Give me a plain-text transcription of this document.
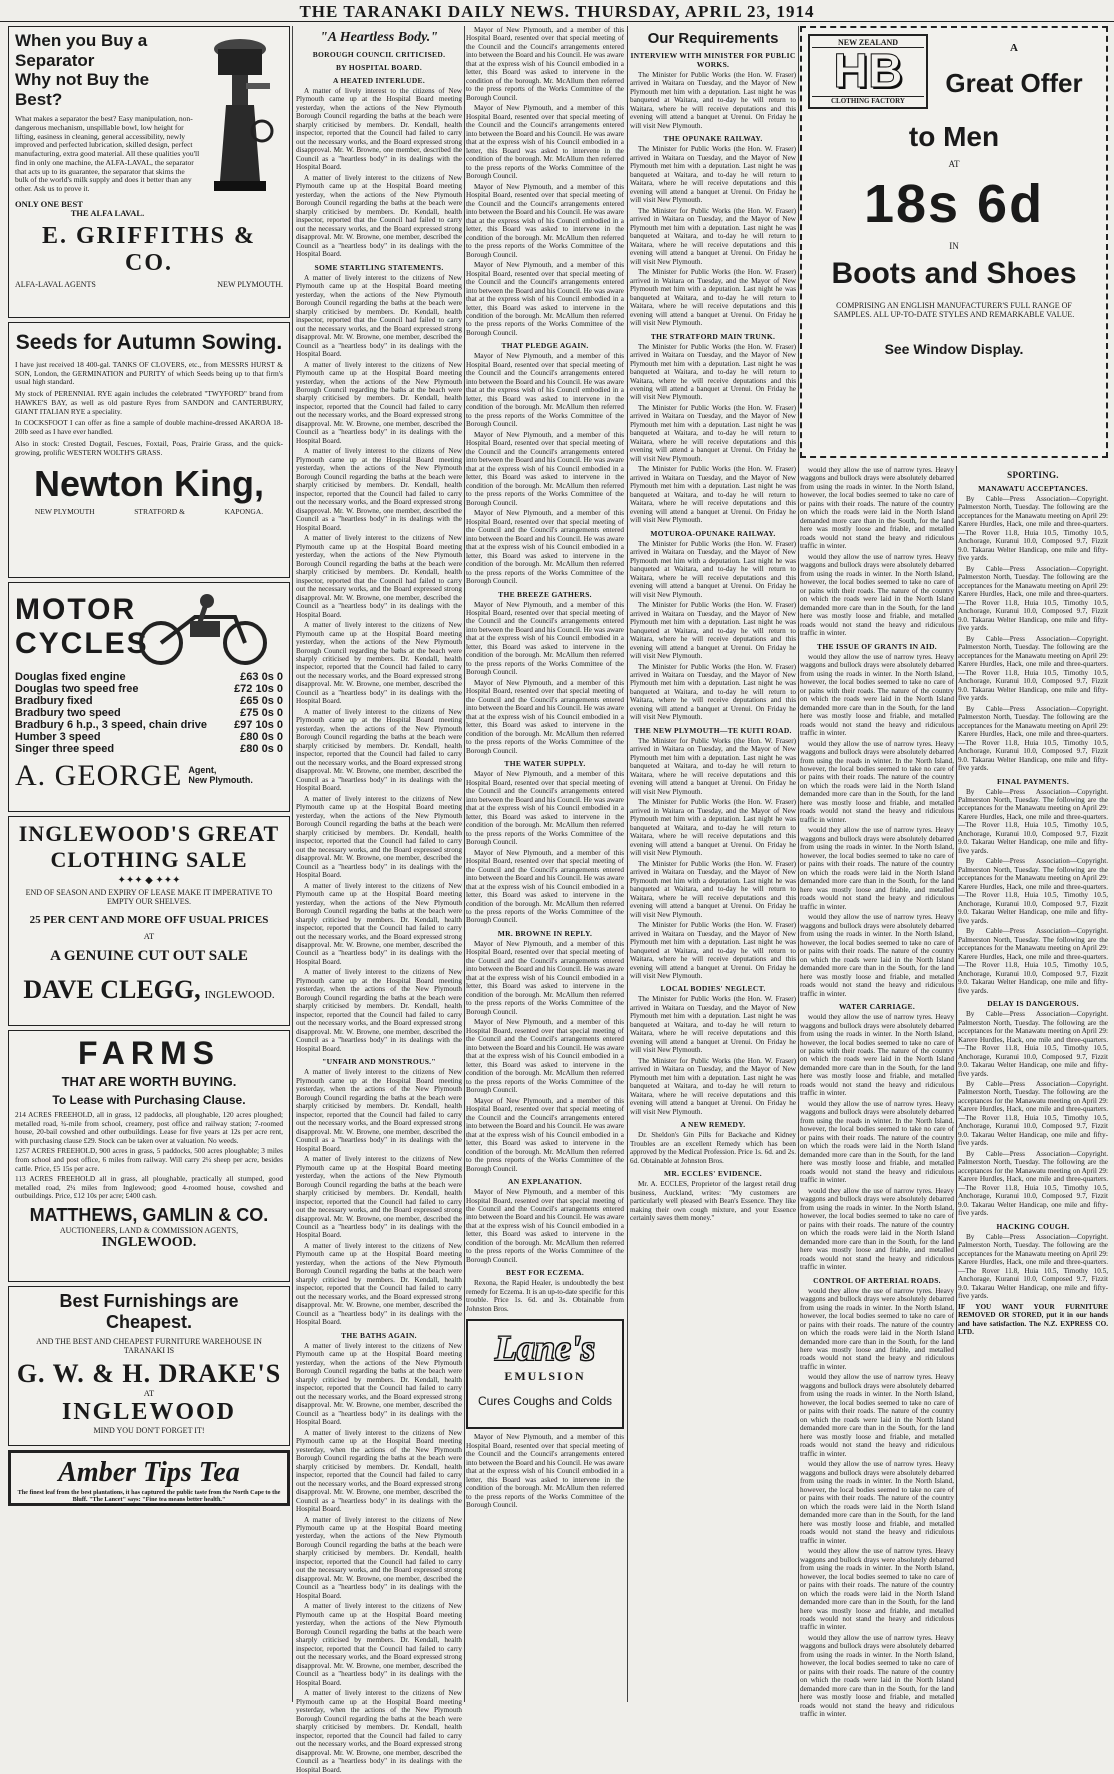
THE TARANAKI DAILY NEWS. THURSDAY, APRIL 23, 1914
When you Buy a Separator
Why not Buy the Best?
What makes a separator the best? Easy manipulation, non-dangerous mechanism, unspillable bowl, low height for lifting, easiness in cleaning, general accessibility, newly improved and perfected lubrication, skilled design, perfect manufacturing, extra good material. All these qualities you'll find in only one machine, the ALFA-LAVAL, the separator that acts up to its guarantee, the separator that skims the bulk of the world's milk supply and does it better than any other. Ask us to prove it.
ONLY ONE BEST
THE ALFA LAVAL.
E. GRIFFITHS & CO.
ALFA-LAVAL AGENTS	NEW PLYMOUTH.
Seeds for Autumn Sowing.
I have just received 18 400-gal. TANKS OF CLOVERS, etc., from MESSRS HURST & SON, London, the GERMINATION and PURITY of which Seeds being up to that firm's usual high standard.
My stock of PERENNIAL RYE again includes the celebrated "TWYFORD" brand from HAWKE'S BAY, as well as old pasture Ryes from SANDON and CANTERBURY, GIANT ITALIAN RYE a speciality.
In COCKSFOOT I can offer as fine a sample of double machine-dressed AKAROA 18-20lb seed as I have ever handled.
Also in stock: Crested Dogtail, Fescues, Foxtail, Poas, Prairie Grass, and the quick-growing, prolific WESTERN WOLTH'S GRASS.
Newton King,
NEW PLYMOUTH	STRATFORD &	KAPONGA.
MOTOR
CYCLES
Douglas fixed engine	£63 0s 0
Douglas two speed free	£72 10s 0
Bradbury fixed	£65 0s 0
Bradbury two speed	£75 0s 0
Bradbury 6 h.p., 3 speed, chain drive £97 10s 0
Humber 3 speed	£80 0s 0
Singer three speed	£80 0s 0
A. GEORGE Agent,
New Plymouth.
INGLEWOOD'S GREAT
CLOTHING SALE
✦✦✦ ◆ ✦✦✦
END OF SEASON AND EXPIRY OF LEASE MAKE IT IMPERATIVE TO EMPTY OUR SHELVES.
25 PER CENT AND MORE OFF USUAL PRICES
AT
A GENUINE CUT OUT SALE
DAVE CLEGG, INGLEWOOD.
FARMS
THAT ARE WORTH BUYING.
To Lease with Purchasing Clause.
214 ACRES FREEHOLD, all in grass, 12 paddocks, all ploughable, 120 acres ploughed; metalled road, ¾-mile from school, creamery, post office and railway station; 7-roomed house, 20-bail cowshed and other outbuildings. Lease for five years at 12s per acre rent, with purchasing clause £29. Stock can be taken over at valuation. No weeds.
1257 ACRES FREEHOLD, 900 acres in grass, 5 paddocks, 500 acres ploughable; 3 miles from school and post office, 6 miles from railway. Will carry 2¼ sheep per acre, besides cattle. Price, £5 15s per acre.
113 ACRES FREEHOLD all in grass, all ploughable, practically all stumped, good metalled road, 2¼ miles from Inglewood; good 4-roomed house, cowshed and outbuildings. Price, £12 10s per acre; £400 cash.
MATTHEWS, GAMLIN & CO.
AUCTIONEERS, LAND & COMMISSION AGENTS,
INGLEWOOD.
Best Furnishings are Cheapest.
AND THE BEST AND CHEAPEST FURNITURE WAREHOUSE IN TARANAKI IS
G. W. & H. DRAKE'S
AT
INGLEWOOD
MIND YOU DON'T FORGET IT!
Amber Tips Tea
The finest leaf from the best plantations, it has captured the public taste from the North Cape to the Bluff. "The Lancet" says: "Fine tea means better health."
"A Heartless Body."
BOROUGH COUNCIL CRITICISED.
BY HOSPITAL BOARD.
A HEATED INTERLUDE.
A matter of lively interest to the citizens of New Plymouth came up at the Hospital Board meeting yesterday, when the actions of the New Plymouth Borough Council regarding the baths at the beach were sharply criticised by members. Dr. Kendall, health inspector, reported that the Council had failed to carry out the necessary works, and the Board expressed strong disapproval. Mr. W. Browne, one member, described the Council as a "heartless body" in its dealings with the Hospital Board.
A matter of lively interest to the citizens of New Plymouth came up at the Hospital Board meeting yesterday, when the actions of the New Plymouth Borough Council regarding the baths at the beach were sharply criticised by members. Dr. Kendall, health inspector, reported that the Council had failed to carry out the necessary works, and the Board expressed strong disapproval. Mr. W. Browne, one member, described the Council as a "heartless body" in its dealings with the Hospital Board.
SOME STARTLING STATEMENTS.
A matter of lively interest to the citizens of New Plymouth came up at the Hospital Board meeting yesterday, when the actions of the New Plymouth Borough Council regarding the baths at the beach were sharply criticised by members. Dr. Kendall, health inspector, reported that the Council had failed to carry out the necessary works, and the Board expressed strong disapproval. Mr. W. Browne, one member, described the Council as a "heartless body" in its dealings with the Hospital Board.
A matter of lively interest to the citizens of New Plymouth came up at the Hospital Board meeting yesterday, when the actions of the New Plymouth Borough Council regarding the baths at the beach were sharply criticised by members. Dr. Kendall, health inspector, reported that the Council had failed to carry out the necessary works, and the Board expressed strong disapproval. Mr. W. Browne, one member, described the Council as a "heartless body" in its dealings with the Hospital Board.
A matter of lively interest to the citizens of New Plymouth came up at the Hospital Board meeting yesterday, when the actions of the New Plymouth Borough Council regarding the baths at the beach were sharply criticised by members. Dr. Kendall, health inspector, reported that the Council had failed to carry out the necessary works, and the Board expressed strong disapproval. Mr. W. Browne, one member, described the Council as a "heartless body" in its dealings with the Hospital Board.
A matter of lively interest to the citizens of New Plymouth came up at the Hospital Board meeting yesterday, when the actions of the New Plymouth Borough Council regarding the baths at the beach were sharply criticised by members. Dr. Kendall, health inspector, reported that the Council had failed to carry out the necessary works, and the Board expressed strong disapproval. Mr. W. Browne, one member, described the Council as a "heartless body" in its dealings with the Hospital Board.
A matter of lively interest to the citizens of New Plymouth came up at the Hospital Board meeting yesterday, when the actions of the New Plymouth Borough Council regarding the baths at the beach were sharply criticised by members. Dr. Kendall, health inspector, reported that the Council had failed to carry out the necessary works, and the Board expressed strong disapproval. Mr. W. Browne, one member, described the Council as a "heartless body" in its dealings with the Hospital Board.
A matter of lively interest to the citizens of New Plymouth came up at the Hospital Board meeting yesterday, when the actions of the New Plymouth Borough Council regarding the baths at the beach were sharply criticised by members. Dr. Kendall, health inspector, reported that the Council had failed to carry out the necessary works, and the Board expressed strong disapproval. Mr. W. Browne, one member, described the Council as a "heartless body" in its dealings with the Hospital Board.
A matter of lively interest to the citizens of New Plymouth came up at the Hospital Board meeting yesterday, when the actions of the New Plymouth Borough Council regarding the baths at the beach were sharply criticised by members. Dr. Kendall, health inspector, reported that the Council had failed to carry out the necessary works, and the Board expressed strong disapproval. Mr. W. Browne, one member, described the Council as a "heartless body" in its dealings with the Hospital Board.
A matter of lively interest to the citizens of New Plymouth came up at the Hospital Board meeting yesterday, when the actions of the New Plymouth Borough Council regarding the baths at the beach were sharply criticised by members. Dr. Kendall, health inspector, reported that the Council had failed to carry out the necessary works, and the Board expressed strong disapproval. Mr. W. Browne, one member, described the Council as a "heartless body" in its dealings with the Hospital Board.
A matter of lively interest to the citizens of New Plymouth came up at the Hospital Board meeting yesterday, when the actions of the New Plymouth Borough Council regarding the baths at the beach were sharply criticised by members. Dr. Kendall, health inspector, reported that the Council had failed to carry out the necessary works, and the Board expressed strong disapproval. Mr. W. Browne, one member, described the Council as a "heartless body" in its dealings with the Hospital Board.
"UNFAIR AND MONSTROUS."
A matter of lively interest to the citizens of New Plymouth came up at the Hospital Board meeting yesterday, when the actions of the New Plymouth Borough Council regarding the baths at the beach were sharply criticised by members. Dr. Kendall, health inspector, reported that the Council had failed to carry out the necessary works, and the Board expressed strong disapproval. Mr. W. Browne, one member, described the Council as a "heartless body" in its dealings with the Hospital Board.
A matter of lively interest to the citizens of New Plymouth came up at the Hospital Board meeting yesterday, when the actions of the New Plymouth Borough Council regarding the baths at the beach were sharply criticised by members. Dr. Kendall, health inspector, reported that the Council had failed to carry out the necessary works, and the Board expressed strong disapproval. Mr. W. Browne, one member, described the Council as a "heartless body" in its dealings with the Hospital Board.
A matter of lively interest to the citizens of New Plymouth came up at the Hospital Board meeting yesterday, when the actions of the New Plymouth Borough Council regarding the baths at the beach were sharply criticised by members. Dr. Kendall, health inspector, reported that the Council had failed to carry out the necessary works, and the Board expressed strong disapproval. Mr. W. Browne, one member, described the Council as a "heartless body" in its dealings with the Hospital Board.
THE BATHS AGAIN.
A matter of lively interest to the citizens of New Plymouth came up at the Hospital Board meeting yesterday, when the actions of the New Plymouth Borough Council regarding the baths at the beach were sharply criticised by members. Dr. Kendall, health inspector, reported that the Council had failed to carry out the necessary works, and the Board expressed strong disapproval. Mr. W. Browne, one member, described the Council as a "heartless body" in its dealings with the Hospital Board.
A matter of lively interest to the citizens of New Plymouth came up at the Hospital Board meeting yesterday, when the actions of the New Plymouth Borough Council regarding the baths at the beach were sharply criticised by members. Dr. Kendall, health inspector, reported that the Council had failed to carry out the necessary works, and the Board expressed strong disapproval. Mr. W. Browne, one member, described the Council as a "heartless body" in its dealings with the Hospital Board.
A matter of lively interest to the citizens of New Plymouth came up at the Hospital Board meeting yesterday, when the actions of the New Plymouth Borough Council regarding the baths at the beach were sharply criticised by members. Dr. Kendall, health inspector, reported that the Council had failed to carry out the necessary works, and the Board expressed strong disapproval. Mr. W. Browne, one member, described the Council as a "heartless body" in its dealings with the Hospital Board.
A matter of lively interest to the citizens of New Plymouth came up at the Hospital Board meeting yesterday, when the actions of the New Plymouth Borough Council regarding the baths at the beach were sharply criticised by members. Dr. Kendall, health inspector, reported that the Council had failed to carry out the necessary works, and the Board expressed strong disapproval. Mr. W. Browne, one member, described the Council as a "heartless body" in its dealings with the Hospital Board.
A matter of lively interest to the citizens of New Plymouth came up at the Hospital Board meeting yesterday, when the actions of the New Plymouth Borough Council regarding the baths at the beach were sharply criticised by members. Dr. Kendall, health inspector, reported that the Council had failed to carry out the necessary works, and the Board expressed strong disapproval. Mr. W. Browne, one member, described the Council as a "heartless body" in its dealings with the Hospital Board.
Mayor of New Plymouth, and a member of this Hospital Board, resented over that special meeting of the Council and the Council's arrangements entered into between the Board and his Council. He was aware that at the express wish of his Council embodied in a letter, this Board was asked to intervene in the condition of the borough. Mr. McAllum then referred to the press reports of the Works Committee of the Borough Council.
Mayor of New Plymouth, and a member of this Hospital Board, resented over that special meeting of the Council and the Council's arrangements entered into between the Board and his Council. He was aware that at the express wish of his Council embodied in a letter, this Board was asked to intervene in the condition of the borough. Mr. McAllum then referred to the press reports of the Works Committee of the Borough Council.
Mayor of New Plymouth, and a member of this Hospital Board, resented over that special meeting of the Council and the Council's arrangements entered into between the Board and his Council. He was aware that at the express wish of his Council embodied in a letter, this Board was asked to intervene in the condition of the borough. Mr. McAllum then referred to the press reports of the Works Committee of the Borough Council.
Mayor of New Plymouth, and a member of this Hospital Board, resented over that special meeting of the Council and the Council's arrangements entered into between the Board and his Council. He was aware that at the express wish of his Council embodied in a letter, this Board was asked to intervene in the condition of the borough. Mr. McAllum then referred to the press reports of the Works Committee of the Borough Council.
THAT PLEDGE AGAIN.
Mayor of New Plymouth, and a member of this Hospital Board, resented over that special meeting of the Council and the Council's arrangements entered into between the Board and his Council. He was aware that at the express wish of his Council embodied in a letter, this Board was asked to intervene in the condition of the borough. Mr. McAllum then referred to the press reports of the Works Committee of the Borough Council.
Mayor of New Plymouth, and a member of this Hospital Board, resented over that special meeting of the Council and the Council's arrangements entered into between the Board and his Council. He was aware that at the express wish of his Council embodied in a letter, this Board was asked to intervene in the condition of the borough. Mr. McAllum then referred to the press reports of the Works Committee of the Borough Council.
Mayor of New Plymouth, and a member of this Hospital Board, resented over that special meeting of the Council and the Council's arrangements entered into between the Board and his Council. He was aware that at the express wish of his Council embodied in a letter, this Board was asked to intervene in the condition of the borough. Mr. McAllum then referred to the press reports of the Works Committee of the Borough Council.
THE BREEZE GATHERS.
Mayor of New Plymouth, and a member of this Hospital Board, resented over that special meeting of the Council and the Council's arrangements entered into between the Board and his Council. He was aware that at the express wish of his Council embodied in a letter, this Board was asked to intervene in the condition of the borough. Mr. McAllum then referred to the press reports of the Works Committee of the Borough Council.
Mayor of New Plymouth, and a member of this Hospital Board, resented over that special meeting of the Council and the Council's arrangements entered into between the Board and his Council. He was aware that at the express wish of his Council embodied in a letter, this Board was asked to intervene in the condition of the borough. Mr. McAllum then referred to the press reports of the Works Committee of the Borough Council.
THE WATER SUPPLY.
Mayor of New Plymouth, and a member of this Hospital Board, resented over that special meeting of the Council and the Council's arrangements entered into between the Board and his Council. He was aware that at the express wish of his Council embodied in a letter, this Board was asked to intervene in the condition of the borough. Mr. McAllum then referred to the press reports of the Works Committee of the Borough Council.
Mayor of New Plymouth, and a member of this Hospital Board, resented over that special meeting of the Council and the Council's arrangements entered into between the Board and his Council. He was aware that at the express wish of his Council embodied in a letter, this Board was asked to intervene in the condition of the borough. Mr. McAllum then referred to the press reports of the Works Committee of the Borough Council.
MR. BROWNE IN REPLY.
Mayor of New Plymouth, and a member of this Hospital Board, resented over that special meeting of the Council and the Council's arrangements entered into between the Board and his Council. He was aware that at the express wish of his Council embodied in a letter, this Board was asked to intervene in the condition of the borough. Mr. McAllum then referred to the press reports of the Works Committee of the Borough Council.
Mayor of New Plymouth, and a member of this Hospital Board, resented over that special meeting of the Council and the Council's arrangements entered into between the Board and his Council. He was aware that at the express wish of his Council embodied in a letter, this Board was asked to intervene in the condition of the borough. Mr. McAllum then referred to the press reports of the Works Committee of the Borough Council.
Mayor of New Plymouth, and a member of this Hospital Board, resented over that special meeting of the Council and the Council's arrangements entered into between the Board and his Council. He was aware that at the express wish of his Council embodied in a letter, this Board was asked to intervene in the condition of the borough. Mr. McAllum then referred to the press reports of the Works Committee of the Borough Council.
AN EXPLANATION.
Mayor of New Plymouth, and a member of this Hospital Board, resented over that special meeting of the Council and the Council's arrangements entered into between the Board and his Council. He was aware that at the express wish of his Council embodied in a letter, this Board was asked to intervene in the condition of the borough. Mr. McAllum then referred to the press reports of the Works Committee of the Borough Council.
BEST FOR ECZEMA.
Rexona, the Rapid Healer, is undoubtedly the best remedy for Eczema. It is an up-to-date specific for this trouble. Price 1s. 6d. and 3s. Obtainable from Johnston Bros.
Lane's
EMULSION
Cures Coughs and Colds
Mayor of New Plymouth, and a member of this Hospital Board, resented over that special meeting of the Council and the Council's arrangements entered into between the Board and his Council. He was aware that at the express wish of his Council embodied in a letter, this Board was asked to intervene in the condition of the borough. Mr. McAllum then referred to the press reports of the Works Committee of the Borough Council.
Our Requirements
INTERVIEW WITH MINISTER FOR PUBLIC WORKS.
The Minister for Public Works (the Hon. W. Fraser) arrived in Waitara on Tuesday, and the Mayor of New Plymouth met him with a deputation. Last night he was banqueted at Waitara, and to-day he will return to Waitara, where he will receive deputations and this evening will attend a banquet at Urenui. On Friday he will visit New Plymouth.
THE OPUNAKE RAILWAY.
The Minister for Public Works (the Hon. W. Fraser) arrived in Waitara on Tuesday, and the Mayor of New Plymouth met him with a deputation. Last night he was banqueted at Waitara, and to-day he will return to Waitara, where he will receive deputations and this evening will attend a banquet at Urenui. On Friday he will visit New Plymouth.
The Minister for Public Works (the Hon. W. Fraser) arrived in Waitara on Tuesday, and the Mayor of New Plymouth met him with a deputation. Last night he was banqueted at Waitara, and to-day he will return to Waitara, where he will receive deputations and this evening will attend a banquet at Urenui. On Friday he will visit New Plymouth.
The Minister for Public Works (the Hon. W. Fraser) arrived in Waitara on Tuesday, and the Mayor of New Plymouth met him with a deputation. Last night he was banqueted at Waitara, and to-day he will return to Waitara, where he will receive deputations and this evening will attend a banquet at Urenui. On Friday he will visit New Plymouth.
THE STRATFORD MAIN TRUNK.
The Minister for Public Works (the Hon. W. Fraser) arrived in Waitara on Tuesday, and the Mayor of New Plymouth met him with a deputation. Last night he was banqueted at Waitara, and to-day he will return to Waitara, where he will receive deputations and this evening will attend a banquet at Urenui. On Friday he will visit New Plymouth.
The Minister for Public Works (the Hon. W. Fraser) arrived in Waitara on Tuesday, and the Mayor of New Plymouth met him with a deputation. Last night he was banqueted at Waitara, and to-day he will return to Waitara, where he will receive deputations and this evening will attend a banquet at Urenui. On Friday he will visit New Plymouth.
The Minister for Public Works (the Hon. W. Fraser) arrived in Waitara on Tuesday, and the Mayor of New Plymouth met him with a deputation. Last night he was banqueted at Waitara, and to-day he will return to Waitara, where he will receive deputations and this evening will attend a banquet at Urenui. On Friday he will visit New Plymouth.
MOTUROA-OPUNAKE RAILWAY.
The Minister for Public Works (the Hon. W. Fraser) arrived in Waitara on Tuesday, and the Mayor of New Plymouth met him with a deputation. Last night he was banqueted at Waitara, and to-day he will return to Waitara, where he will receive deputations and this evening will attend a banquet at Urenui. On Friday he will visit New Plymouth.
The Minister for Public Works (the Hon. W. Fraser) arrived in Waitara on Tuesday, and the Mayor of New Plymouth met him with a deputation. Last night he was banqueted at Waitara, and to-day he will return to Waitara, where he will receive deputations and this evening will attend a banquet at Urenui. On Friday he will visit New Plymouth.
The Minister for Public Works (the Hon. W. Fraser) arrived in Waitara on Tuesday, and the Mayor of New Plymouth met him with a deputation. Last night he was banqueted at Waitara, and to-day he will return to Waitara, where he will receive deputations and this evening will attend a banquet at Urenui. On Friday he will visit New Plymouth.
THE NEW PLYMOUTH—TE KUITI ROAD.
The Minister for Public Works (the Hon. W. Fraser) arrived in Waitara on Tuesday, and the Mayor of New Plymouth met him with a deputation. Last night he was banqueted at Waitara, and to-day he will return to Waitara, where he will receive deputations and this evening will attend a banquet at Urenui. On Friday he will visit New Plymouth.
The Minister for Public Works (the Hon. W. Fraser) arrived in Waitara on Tuesday, and the Mayor of New Plymouth met him with a deputation. Last night he was banqueted at Waitara, and to-day he will return to Waitara, where he will receive deputations and this evening will attend a banquet at Urenui. On Friday he will visit New Plymouth.
The Minister for Public Works (the Hon. W. Fraser) arrived in Waitara on Tuesday, and the Mayor of New Plymouth met him with a deputation. Last night he was banqueted at Waitara, and to-day he will return to Waitara, where he will receive deputations and this evening will attend a banquet at Urenui. On Friday he will visit New Plymouth.
The Minister for Public Works (the Hon. W. Fraser) arrived in Waitara on Tuesday, and the Mayor of New Plymouth met him with a deputation. Last night he was banqueted at Waitara, and to-day he will return to Waitara, where he will receive deputations and this evening will attend a banquet at Urenui. On Friday he will visit New Plymouth.
LOCAL BODIES' NEGLECT.
The Minister for Public Works (the Hon. W. Fraser) arrived in Waitara on Tuesday, and the Mayor of New Plymouth met him with a deputation. Last night he was banqueted at Waitara, and to-day he will return to Waitara, where he will receive deputations and this evening will attend a banquet at Urenui. On Friday he will visit New Plymouth.
The Minister for Public Works (the Hon. W. Fraser) arrived in Waitara on Tuesday, and the Mayor of New Plymouth met him with a deputation. Last night he was banqueted at Waitara, and to-day he will return to Waitara, where he will receive deputations and this evening will attend a banquet at Urenui. On Friday he will visit New Plymouth.
A NEW REMEDY.
Dr. Sheldon's Gin Pills for Backache and Kidney Troubles are an excellent Remedy which has been approved by the Medical Profession. Price 1s. 6d. and 2s. 6d. Obtainable at Johnston Bros.
MR. ECCLES' EVIDENCE.
Mr. A. ECCLES, Proprietor of the largest retail drug business, Auckland, writes: "My customers are particularly well pleased with Bean's Essence. They like making their own cough mixture, and your Essence certainly saves them money."
NEW ZEALAND
HB
CLOTHING FACTORY
A
Great Offer
to Men
AT
18s 6d
IN
Boots and Shoes
COMPRISING AN ENGLISH MANUFACTURER'S FULL RANGE OF SAMPLES. ALL UP-TO-DATE STYLES AND REMARKABLE VALUE.
See Window Display.
would they allow the use of narrow tyres. Heavy waggons and bullock drays were absolutely debarred from using the roads in winter. In the North Island, however, the local bodies seemed to take no care of or pains with their roads. The nature of the country on which the roads were laid in the North Island demanded more care than in the South, for the land here was mostly loose and friable, and metalled roads would not stand the heavy and ridiculous traffic in winter.
would they allow the use of narrow tyres. Heavy waggons and bullock drays were absolutely debarred from using the roads in winter. In the North Island, however, the local bodies seemed to take no care of or pains with their roads. The nature of the country on which the roads were laid in the North Island demanded more care than in the South, for the land here was mostly loose and friable, and metalled roads would not stand the heavy and ridiculous traffic in winter.
THE ISSUE OF GRANTS IN AID.
would they allow the use of narrow tyres. Heavy waggons and bullock drays were absolutely debarred from using the roads in winter. In the North Island, however, the local bodies seemed to take no care of or pains with their roads. The nature of the country on which the roads were laid in the North Island demanded more care than in the South, for the land here was mostly loose and friable, and metalled roads would not stand the heavy and ridiculous traffic in winter.
would they allow the use of narrow tyres. Heavy waggons and bullock drays were absolutely debarred from using the roads in winter. In the North Island, however, the local bodies seemed to take no care of or pains with their roads. The nature of the country on which the roads were laid in the North Island demanded more care than in the South, for the land here was mostly loose and friable, and metalled roads would not stand the heavy and ridiculous traffic in winter.
would they allow the use of narrow tyres. Heavy waggons and bullock drays were absolutely debarred from using the roads in winter. In the North Island, however, the local bodies seemed to take no care of or pains with their roads. The nature of the country on which the roads were laid in the North Island demanded more care than in the South, for the land here was mostly loose and friable, and metalled roads would not stand the heavy and ridiculous traffic in winter.
would they allow the use of narrow tyres. Heavy waggons and bullock drays were absolutely debarred from using the roads in winter. In the North Island, however, the local bodies seemed to take no care of or pains with their roads. The nature of the country on which the roads were laid in the North Island demanded more care than in the South, for the land here was mostly loose and friable, and metalled roads would not stand the heavy and ridiculous traffic in winter.
WATER CARRIAGE.
would they allow the use of narrow tyres. Heavy waggons and bullock drays were absolutely debarred from using the roads in winter. In the North Island, however, the local bodies seemed to take no care of or pains with their roads. The nature of the country on which the roads were laid in the North Island demanded more care than in the South, for the land here was mostly loose and friable, and metalled roads would not stand the heavy and ridiculous traffic in winter.
would they allow the use of narrow tyres. Heavy waggons and bullock drays were absolutely debarred from using the roads in winter. In the North Island, however, the local bodies seemed to take no care of or pains with their roads. The nature of the country on which the roads were laid in the North Island demanded more care than in the South, for the land here was mostly loose and friable, and metalled roads would not stand the heavy and ridiculous traffic in winter.
would they allow the use of narrow tyres. Heavy waggons and bullock drays were absolutely debarred from using the roads in winter. In the North Island, however, the local bodies seemed to take no care of or pains with their roads. The nature of the country on which the roads were laid in the North Island demanded more care than in the South, for the land here was mostly loose and friable, and metalled roads would not stand the heavy and ridiculous traffic in winter.
CONTROL OF ARTERIAL ROADS.
would they allow the use of narrow tyres. Heavy waggons and bullock drays were absolutely debarred from using the roads in winter. In the North Island, however, the local bodies seemed to take no care of or pains with their roads. The nature of the country on which the roads were laid in the North Island demanded more care than in the South, for the land here was mostly loose and friable, and metalled roads would not stand the heavy and ridiculous traffic in winter.
would they allow the use of narrow tyres. Heavy waggons and bullock drays were absolutely debarred from using the roads in winter. In the North Island, however, the local bodies seemed to take no care of or pains with their roads. The nature of the country on which the roads were laid in the North Island demanded more care than in the South, for the land here was mostly loose and friable, and metalled roads would not stand the heavy and ridiculous traffic in winter.
would they allow the use of narrow tyres. Heavy waggons and bullock drays were absolutely debarred from using the roads in winter. In the North Island, however, the local bodies seemed to take no care of or pains with their roads. The nature of the country on which the roads were laid in the North Island demanded more care than in the South, for the land here was mostly loose and friable, and metalled roads would not stand the heavy and ridiculous traffic in winter.
would they allow the use of narrow tyres. Heavy waggons and bullock drays were absolutely debarred from using the roads in winter. In the North Island, however, the local bodies seemed to take no care of or pains with their roads. The nature of the country on which the roads were laid in the North Island demanded more care than in the South, for the land here was mostly loose and friable, and metalled roads would not stand the heavy and ridiculous traffic in winter.
would they allow the use of narrow tyres. Heavy waggons and bullock drays were absolutely debarred from using the roads in winter. In the North Island, however, the local bodies seemed to take no care of or pains with their roads. The nature of the country on which the roads were laid in the North Island demanded more care than in the South, for the land here was mostly loose and friable, and metalled roads would not stand the heavy and ridiculous traffic in winter.
SPORTING.
MANAWATU ACCEPTANCES.
By Cable—Press Association—Copyright. Palmerston North, Tuesday. The following are the acceptances for the Manawatu meeting on April 29: Karere Hurdles, Hack, one mile and three-quarters.—The Rover 11.8, Huia 10.5, Timothy 10.5, Anchorage, Kuranui 10.0, Composed 9.7, Fizzit 9.0. Takarau Welter Handicap, one mile and fifty-five yards.
By Cable—Press Association—Copyright. Palmerston North, Tuesday. The following are the acceptances for the Manawatu meeting on April 29: Karere Hurdles, Hack, one mile and three-quarters.—The Rover 11.8, Huia 10.5, Timothy 10.5, Anchorage, Kuranui 10.0, Composed 9.7, Fizzit 9.0. Takarau Welter Handicap, one mile and fifty-five yards.
By Cable—Press Association—Copyright. Palmerston North, Tuesday. The following are the acceptances for the Manawatu meeting on April 29: Karere Hurdles, Hack, one mile and three-quarters.—The Rover 11.8, Huia 10.5, Timothy 10.5, Anchorage, Kuranui 10.0, Composed 9.7, Fizzit 9.0. Takarau Welter Handicap, one mile and fifty-five yards.
By Cable—Press Association—Copyright. Palmerston North, Tuesday. The following are the acceptances for the Manawatu meeting on April 29: Karere Hurdles, Hack, one mile and three-quarters.—The Rover 11.8, Huia 10.5, Timothy 10.5, Anchorage, Kuranui 10.0, Composed 9.7, Fizzit 9.0. Takarau Welter Handicap, one mile and fifty-five yards.
FINAL PAYMENTS.
By Cable—Press Association—Copyright. Palmerston North, Tuesday. The following are the acceptances for the Manawatu meeting on April 29: Karere Hurdles, Hack, one mile and three-quarters.—The Rover 11.8, Huia 10.5, Timothy 10.5, Anchorage, Kuranui 10.0, Composed 9.7, Fizzit 9.0. Takarau Welter Handicap, one mile and fifty-five yards.
By Cable—Press Association—Copyright. Palmerston North, Tuesday. The following are the acceptances for the Manawatu meeting on April 29: Karere Hurdles, Hack, one mile and three-quarters.—The Rover 11.8, Huia 10.5, Timothy 10.5, Anchorage, Kuranui 10.0, Composed 9.7, Fizzit 9.0. Takarau Welter Handicap, one mile and fifty-five yards.
By Cable—Press Association—Copyright. Palmerston North, Tuesday. The following are the acceptances for the Manawatu meeting on April 29: Karere Hurdles, Hack, one mile and three-quarters.—The Rover 11.8, Huia 10.5, Timothy 10.5, Anchorage, Kuranui 10.0, Composed 9.7, Fizzit 9.0. Takarau Welter Handicap, one mile and fifty-five yards.
DELAY IS DANGEROUS.
By Cable—Press Association—Copyright. Palmerston North, Tuesday. The following are the acceptances for the Manawatu meeting on April 29: Karere Hurdles, Hack, one mile and three-quarters.—The Rover 11.8, Huia 10.5, Timothy 10.5, Anchorage, Kuranui 10.0, Composed 9.7, Fizzit 9.0. Takarau Welter Handicap, one mile and fifty-five yards.
By Cable—Press Association—Copyright. Palmerston North, Tuesday. The following are the acceptances for the Manawatu meeting on April 29: Karere Hurdles, Hack, one mile and three-quarters.—The Rover 11.8, Huia 10.5, Timothy 10.5, Anchorage, Kuranui 10.0, Composed 9.7, Fizzit 9.0. Takarau Welter Handicap, one mile and fifty-five yards.
By Cable—Press Association—Copyright. Palmerston North, Tuesday. The following are the acceptances for the Manawatu meeting on April 29: Karere Hurdles, Hack, one mile and three-quarters.—The Rover 11.8, Huia 10.5, Timothy 10.5, Anchorage, Kuranui 10.0, Composed 9.7, Fizzit 9.0. Takarau Welter Handicap, one mile and fifty-five yards.
HACKING COUGH.
By Cable—Press Association—Copyright. Palmerston North, Tuesday. The following are the acceptances for the Manawatu meeting on April 29: Karere Hurdles, Hack, one mile and three-quarters.—The Rover 11.8, Huia 10.5, Timothy 10.5, Anchorage, Kuranui 10.0, Composed 9.7, Fizzit 9.0. Takarau Welter Handicap, one mile and fifty-five yards.
IF YOU WANT YOUR FURNITURE REMOVED OR STORED, put it in our hands and have satisfaction. The N.Z. EXPRESS CO. LTD.
